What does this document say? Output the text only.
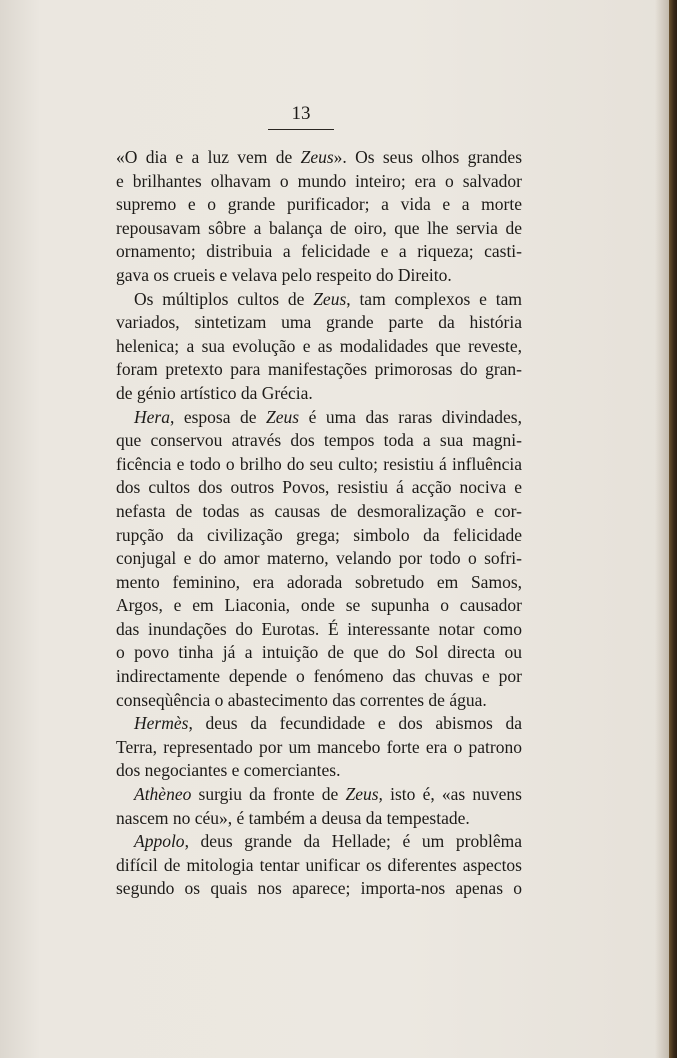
13
«O dia e a luz vem de Zeus». Os seus olhos grandes
e brilhantes olhavam o mundo inteiro; era o salvador
supremo e o grande purificador; a vida e a morte
repousavam sôbre a balança de oiro, que lhe servia de
ornamento; distribuia a felicidade e a riqueza; casti-
gava os crueis e velava pelo respeito do Direito.
Os múltiplos cultos de Zeus, tam complexos e tam
variados, sintetizam uma grande parte da história
helenica; a sua evolução e as modalidades que reveste,
foram pretexto para manifestações primorosas do gran-
de génio artístico da Grécia.
Hera, esposa de Zeus é uma das raras divindades,
que conservou através dos tempos toda a sua magni-
ficência e todo o brilho do seu culto; resistiu á influência
dos cultos dos outros Povos, resistiu á acção nociva e
nefasta de todas as causas de desmoralização e cor-
rupção da civilização grega; simbolo da felicidade
conjugal e do amor materno, velando por todo o sofri-
mento feminino, era adorada sobretudo em Samos,
Argos, e em Liaconia, onde se supunha o causador
das inundações do Eurotas. É interessante notar como
o povo tinha já a intuição de que do Sol directa ou
indirectamente depende o fenómeno das chuvas e por
conseqùência o abastecimento das correntes de água.
Hermès, deus da fecundidade e dos abismos da
Terra, representado por um mancebo forte era o patrono
dos negociantes e comerciantes.
Athèneo surgiu da fronte de Zeus, isto é, «as nuvens
nascem no céu», é também a deusa da tempestade.
Appolo, deus grande da Hellade; é um problêma
difícil de mitologia tentar unificar os diferentes aspectos
segundo os quais nos aparece; importa-nos apenas o
